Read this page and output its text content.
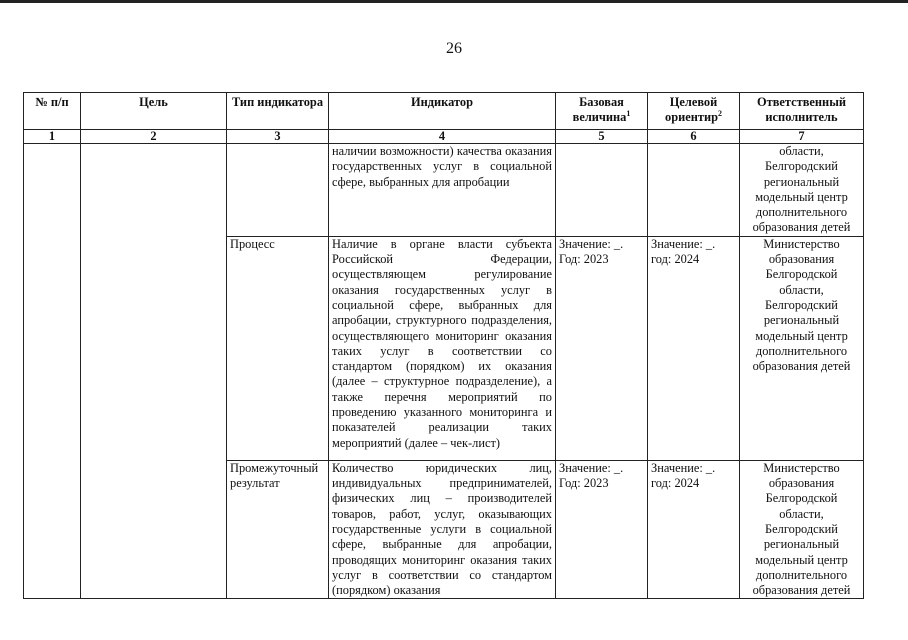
26
№ п/п	Цель	Тип индикатора	Индикатор	Базовая величина$^1$	Целевой ориентир$^2$	Ответственный исполнитель
1	2	3	4	5	6	7
			наличии возможности) качества оказания государственных услуг в социальной сфере, выбранных для апробации			области, Белгородский региональный модельный центр дополнительного образования детей
		Процесс	Наличие в органе власти субъекта Российской Федерации, осуществляющем регулирование оказания государственных услуг в социальной сфере, выбранных для апробации, структурного подразделения, осуществляющего мониторинг оказания таких услуг в соответствии со стандартом (порядком) их оказания (далее – структурное подразделение), а также перечня мероприятий по проведению указанного мониторинга и показателей реализации таких мероприятий (далее – чек-лист)	Значение: _. Год: 2023	Значение: _. год: 2024	Министерство образования Белгородской области, Белгородский региональный модельный центр дополнительного образования детей
		Промежуточный результат	Количество юридических лиц, индивидуальных предпринимателей, физических лиц – производителей товаров, работ, услуг, оказывающих государственные услуги в социальной сфере, выбранные для апробации, проводящих мониторинг оказания таких услуг в соответствии со стандартом (порядком) оказания	Значение: _. Год: 2023	Значение: _. год: 2024	Министерство образования Белгородской области, Белгородский региональный модельный центр дополнительного образования детей
